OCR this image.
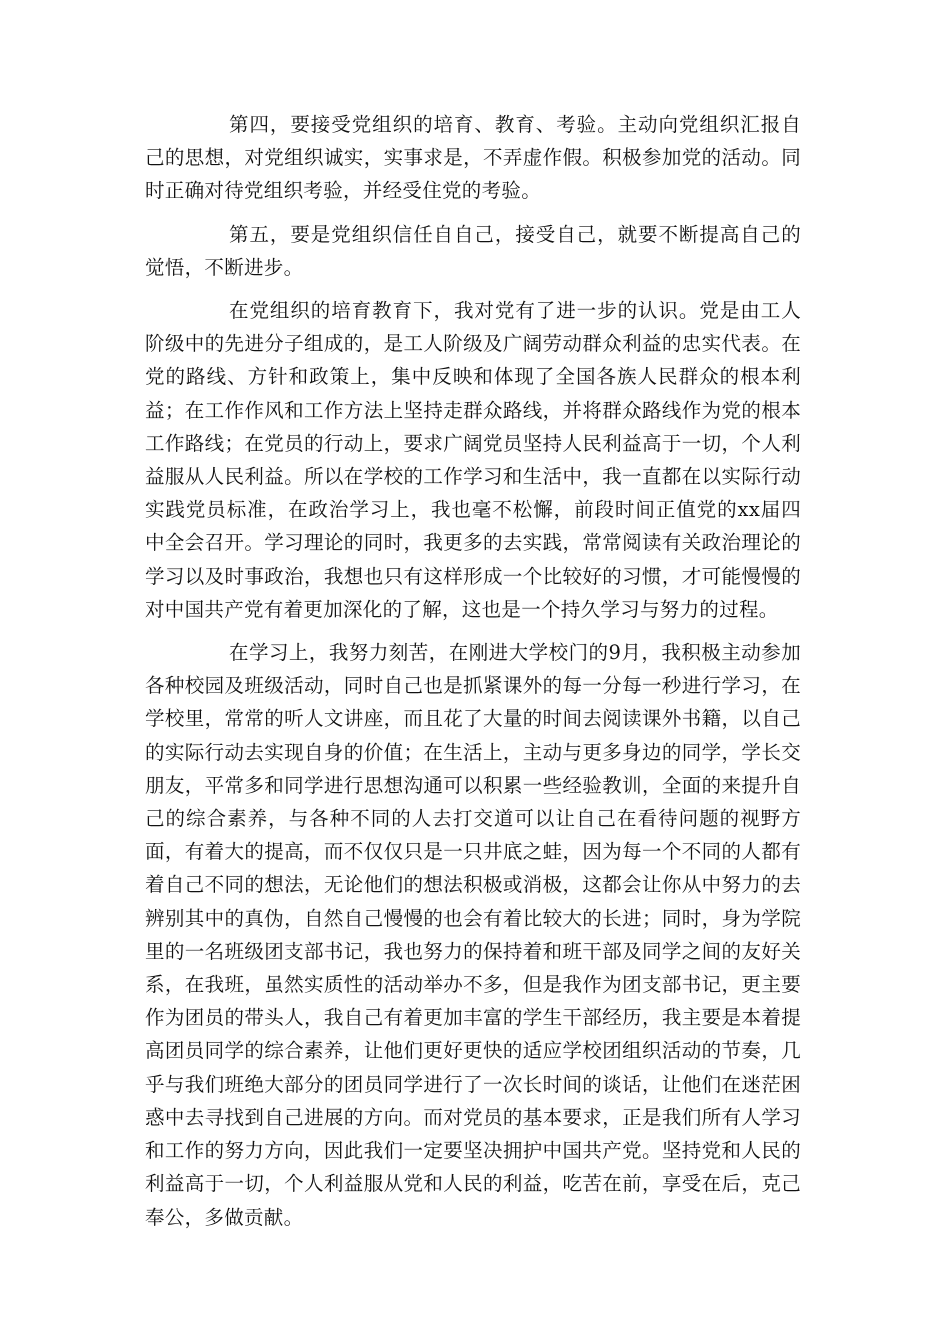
第四，要接受党组织的培育、教育、考验。主动向党组织汇报自己的思想，对党组织诚实，实事求是，不弄虚作假。积极参加党的活动。同时正确对待党组织考验，并经受住党的考验。

第五，要是党组织信任自自己，接受自己，就要不断提高自己的觉悟，不断进步。

在党组织的培育教育下，我对党有了进一步的认识。党是由工人阶级中的先进分子组成的，是工人阶级及广阔劳动群众利益的忠实代表。在党的路线、方针和政策上，集中反映和体现了全国各族人民群众的根本利益；在工作作风和工作方法上坚持走群众路线，并将群众路线作为党的根本工作路线；在党员的行动上，要求广阔党员坚持人民利益高于一切，个人利益服从人民利益。所以在学校的工作学习和生活中，我一直都在以实际行动实践党员标准，在政治学习上，我也毫不松懈，前段时间正值党的xx届四中全会召开。学习理论的同时，我更多的去实践，常常阅读有关政治理论的学习以及时事政治，我想也只有这样形成一个比较好的习惯，才可能慢慢的对中国共产党有着更加深化的了解，这也是一个持久学习与努力的过程。

在学习上，我努力刻苦，在刚进大学校门的9月，我积极主动参加各种校园及班级活动，同时自己也是抓紧课外的每一分每一秒进行学习，在学校里，常常的听人文讲座，而且花了大量的时间去阅读课外书籍，以自己的实际行动去实现自身的价值；在生活上，主动与更多身边的同学，学长交朋友，平常多和同学进行思想沟通可以积累一些经验教训，全面的来提升自己的综合素养，与各种不同的人去打交道可以让自己在看待问题的视野方面，有着大的提高，而不仅仅只是一只井底之蛙，因为每一个不同的人都有着自己不同的想法，无论他们的想法积极或消极，这都会让你从中努力的去辨别其中的真伪，自然自己慢慢的也会有着比较大的长进；同时，身为学院里的一名班级团支部书记，我也努力的保持着和班干部及同学之间的友好关系，在我班，虽然实质性的活动举办不多，但是我作为团支部书记，更主要作为团员的带头人，我自己有着更加丰富的学生干部经历，我主要是本着提高团员同学的综合素养，让他们更好更快的适应学校团组织活动的节奏，几乎与我们班绝大部分的团员同学进行了一次长时间的谈话，让他们在迷茫困惑中去寻找到自己进展的方向。而对党员的基本要求，正是我们所有人学习和工作的努力方向，因此我们一定要坚决拥护中国共产党。坚持党和人民的利益高于一切，个人利益服从党和人民的利益，吃苦在前，享受在后，克己奉公，多做贡献。
